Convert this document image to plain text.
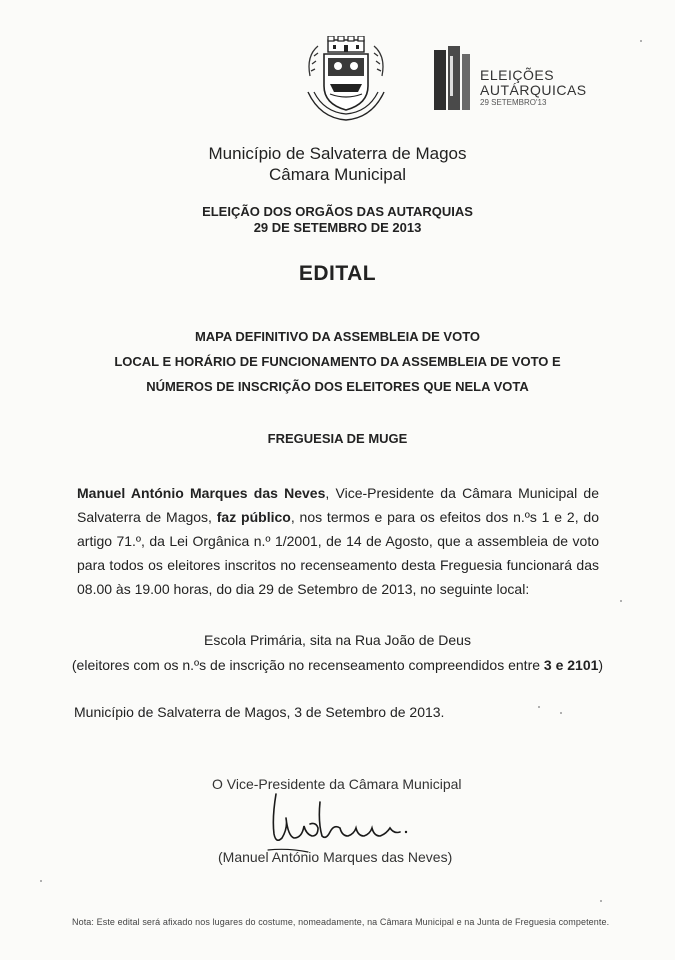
ELEIÇÕES
AUTÁRQUICAS
29 SETEMBRO'13
Município de Salvaterra de Magos
Câmara Municipal
ELEIÇÃO DOS ORGÃOS DAS AUTARQUIAS
29 DE SETEMBRO DE 2013
EDITAL
MAPA DEFINITIVO DA ASSEMBLEIA DE VOTO
LOCAL E HORÁRIO DE FUNCIONAMENTO DA ASSEMBLEIA DE VOTO E
NÚMEROS DE INSCRIÇÃO DOS ELEITORES QUE NELA VOTA
FREGUESIA DE MUGE
Manuel António Marques das Neves, Vice-Presidente da Câmara Municipal de Salvaterra de Magos, faz público, nos termos e para os efeitos dos n.ºs 1 e 2, do artigo 71.º, da Lei Orgânica n.º 1/2001, de 14 de Agosto, que a assembleia de voto para todos os eleitores inscritos no recenseamento desta Freguesia funcionará das 08.00 às 19.00 horas, do dia 29 de Setembro de 2013, no seguinte local:
Escola Primária, sita na Rua João de Deus
(eleitores com os n.ºs de inscrição no recenseamento compreendidos entre 3 e 2101)
Município de Salvaterra de Magos, 3 de Setembro de 2013.
O Vice-Presidente da Câmara Municipal
(Manuel António Marques das Neves)
Nota: Este edital será afixado nos lugares do costume, nomeadamente, na Câmara Municipal e na Junta de Freguesia competente.
